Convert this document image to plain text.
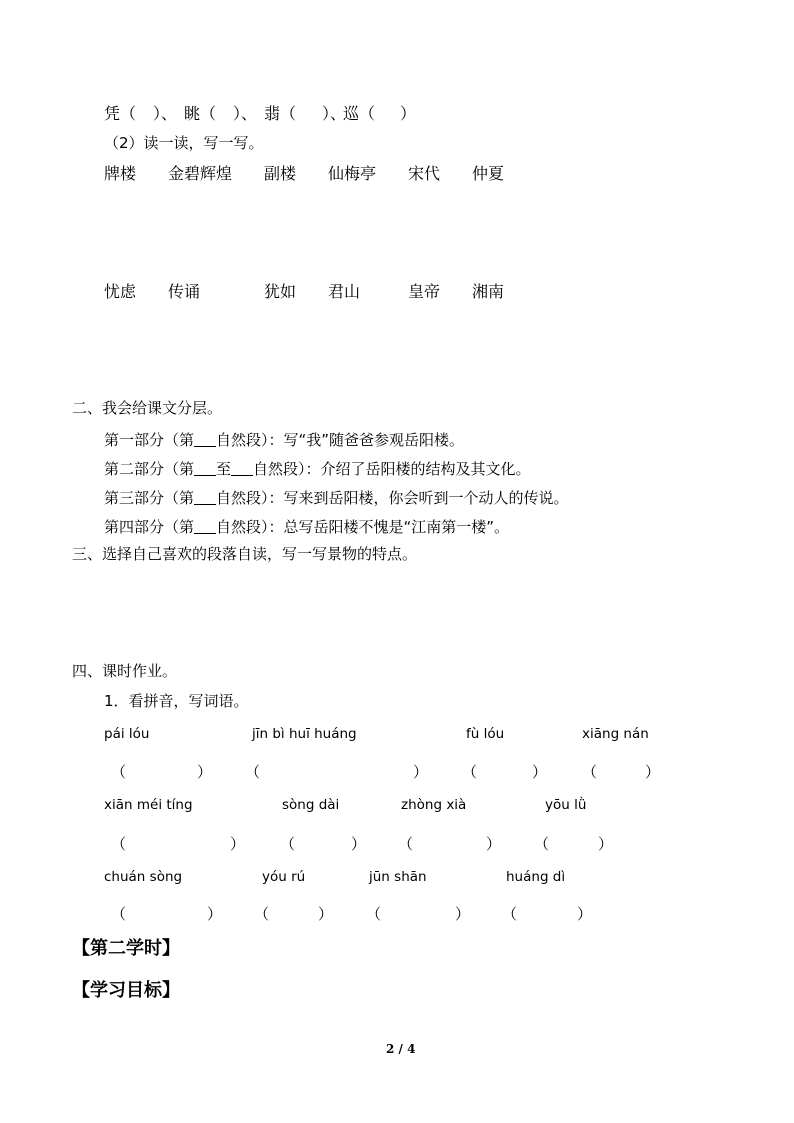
凭（ ）、 眺（ ）、 翡（ ）、
巡（ ）
（2）读一读，写一写。
牌楼 金碧辉煌 副楼 仙梅亭 宋代 仲夏
忧虑 传诵	犹如 君山	皇帝 湘南
二、我会给课文分层。
第一部分（第 自然段）：写“我”随爸爸参观岳阳楼。
第二部分（第 至 自然段）：介绍了岳阳楼的结构及其文化。
第三部分（第 自然段）：写来到岳阳楼，你会听到一个动人的传说。
第四部分（第 自然段）：总写岳阳楼不愧是“江南第一楼”。
三、选择自己喜欢的段落自读，写一写景物的特点。
四、课时作业。
1．看拼音，写词语。
pái lóu	jīn bì huī huáng	fù lóu	xiāng nán
（	） （	） （	） （	）
xiān méi tíng	sòng dài	zhòng xià	yōu lǜ
（	） （	） （	） （	）
chuán sòng	yóu rú	jūn shān	huáng dì
（	） （	） （	） （	）
【第二学时】
【学习目标】
2 / 4
